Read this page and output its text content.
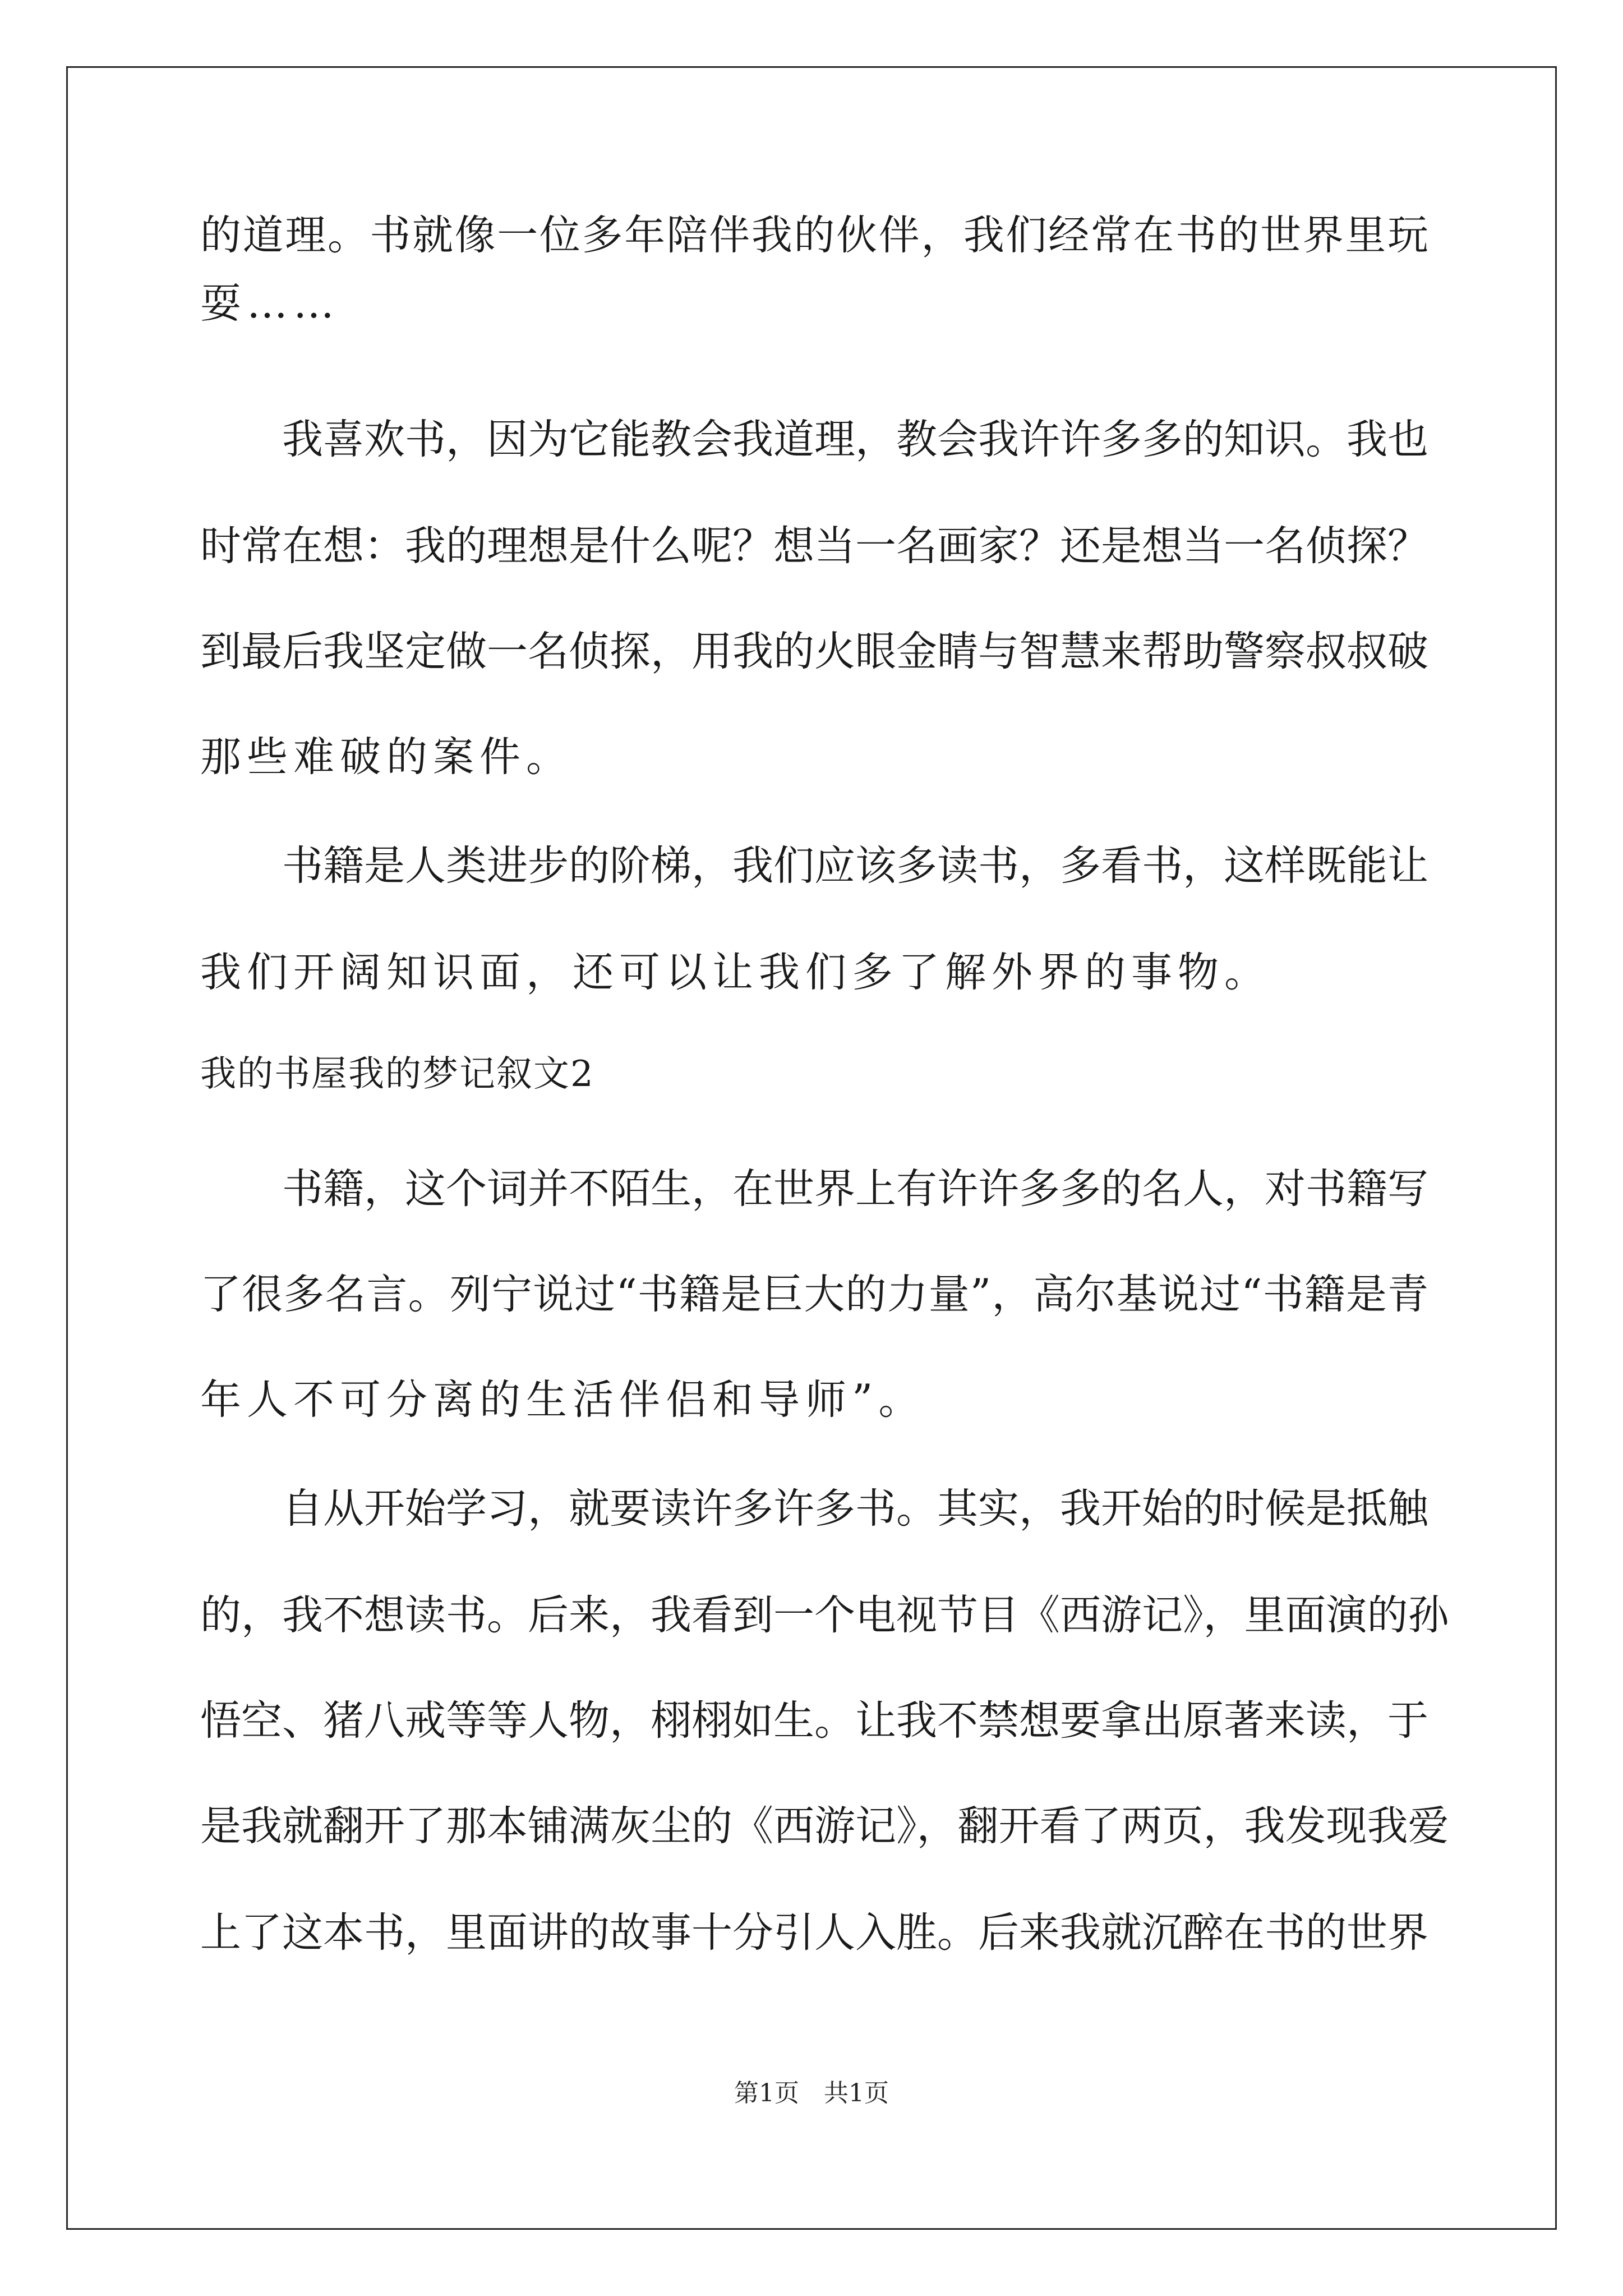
的道理。书就像一位多年陪伴我的伙伴，我们经常在书的世界里玩
耍……
我喜欢书，因为它能教会我道理，教会我许许多多的知识。我也
时常在想：我的理想是什么呢？想当一名画家？还是想当一名侦探？
到最后我坚定做一名侦探，用我的火眼金睛与智慧来帮助警察叔叔破
那些难破的案件。
书籍是人类进步的阶梯，我们应该多读书，多看书，这样既能让
我们开阔知识面，还可以让我们多了解外界的事物。
我的书屋我的梦记叙文2
书籍，这个词并不陌生，在世界上有许许多多的名人，对书籍写
了很多名言。列宁说过“书籍是巨大的力量”，高尔基说过“书籍是青
年人不可分离的生活伴侣和导师”。
自从开始学习，就要读许多许多书。其实，我开始的时候是抵触
的，我不想读书。后来，我看到一个电视节目《西游记》，里面演的孙
悟空、猪八戒等等人物，栩栩如生。让我不禁想要拿出原著来读，于
是我就翻开了那本铺满灰尘的《西游记》，翻开看了两页，我发现我爱
上了这本书，里面讲的故事十分引人入胜。后来我就沉醉在书的世界
第1页　共1页
